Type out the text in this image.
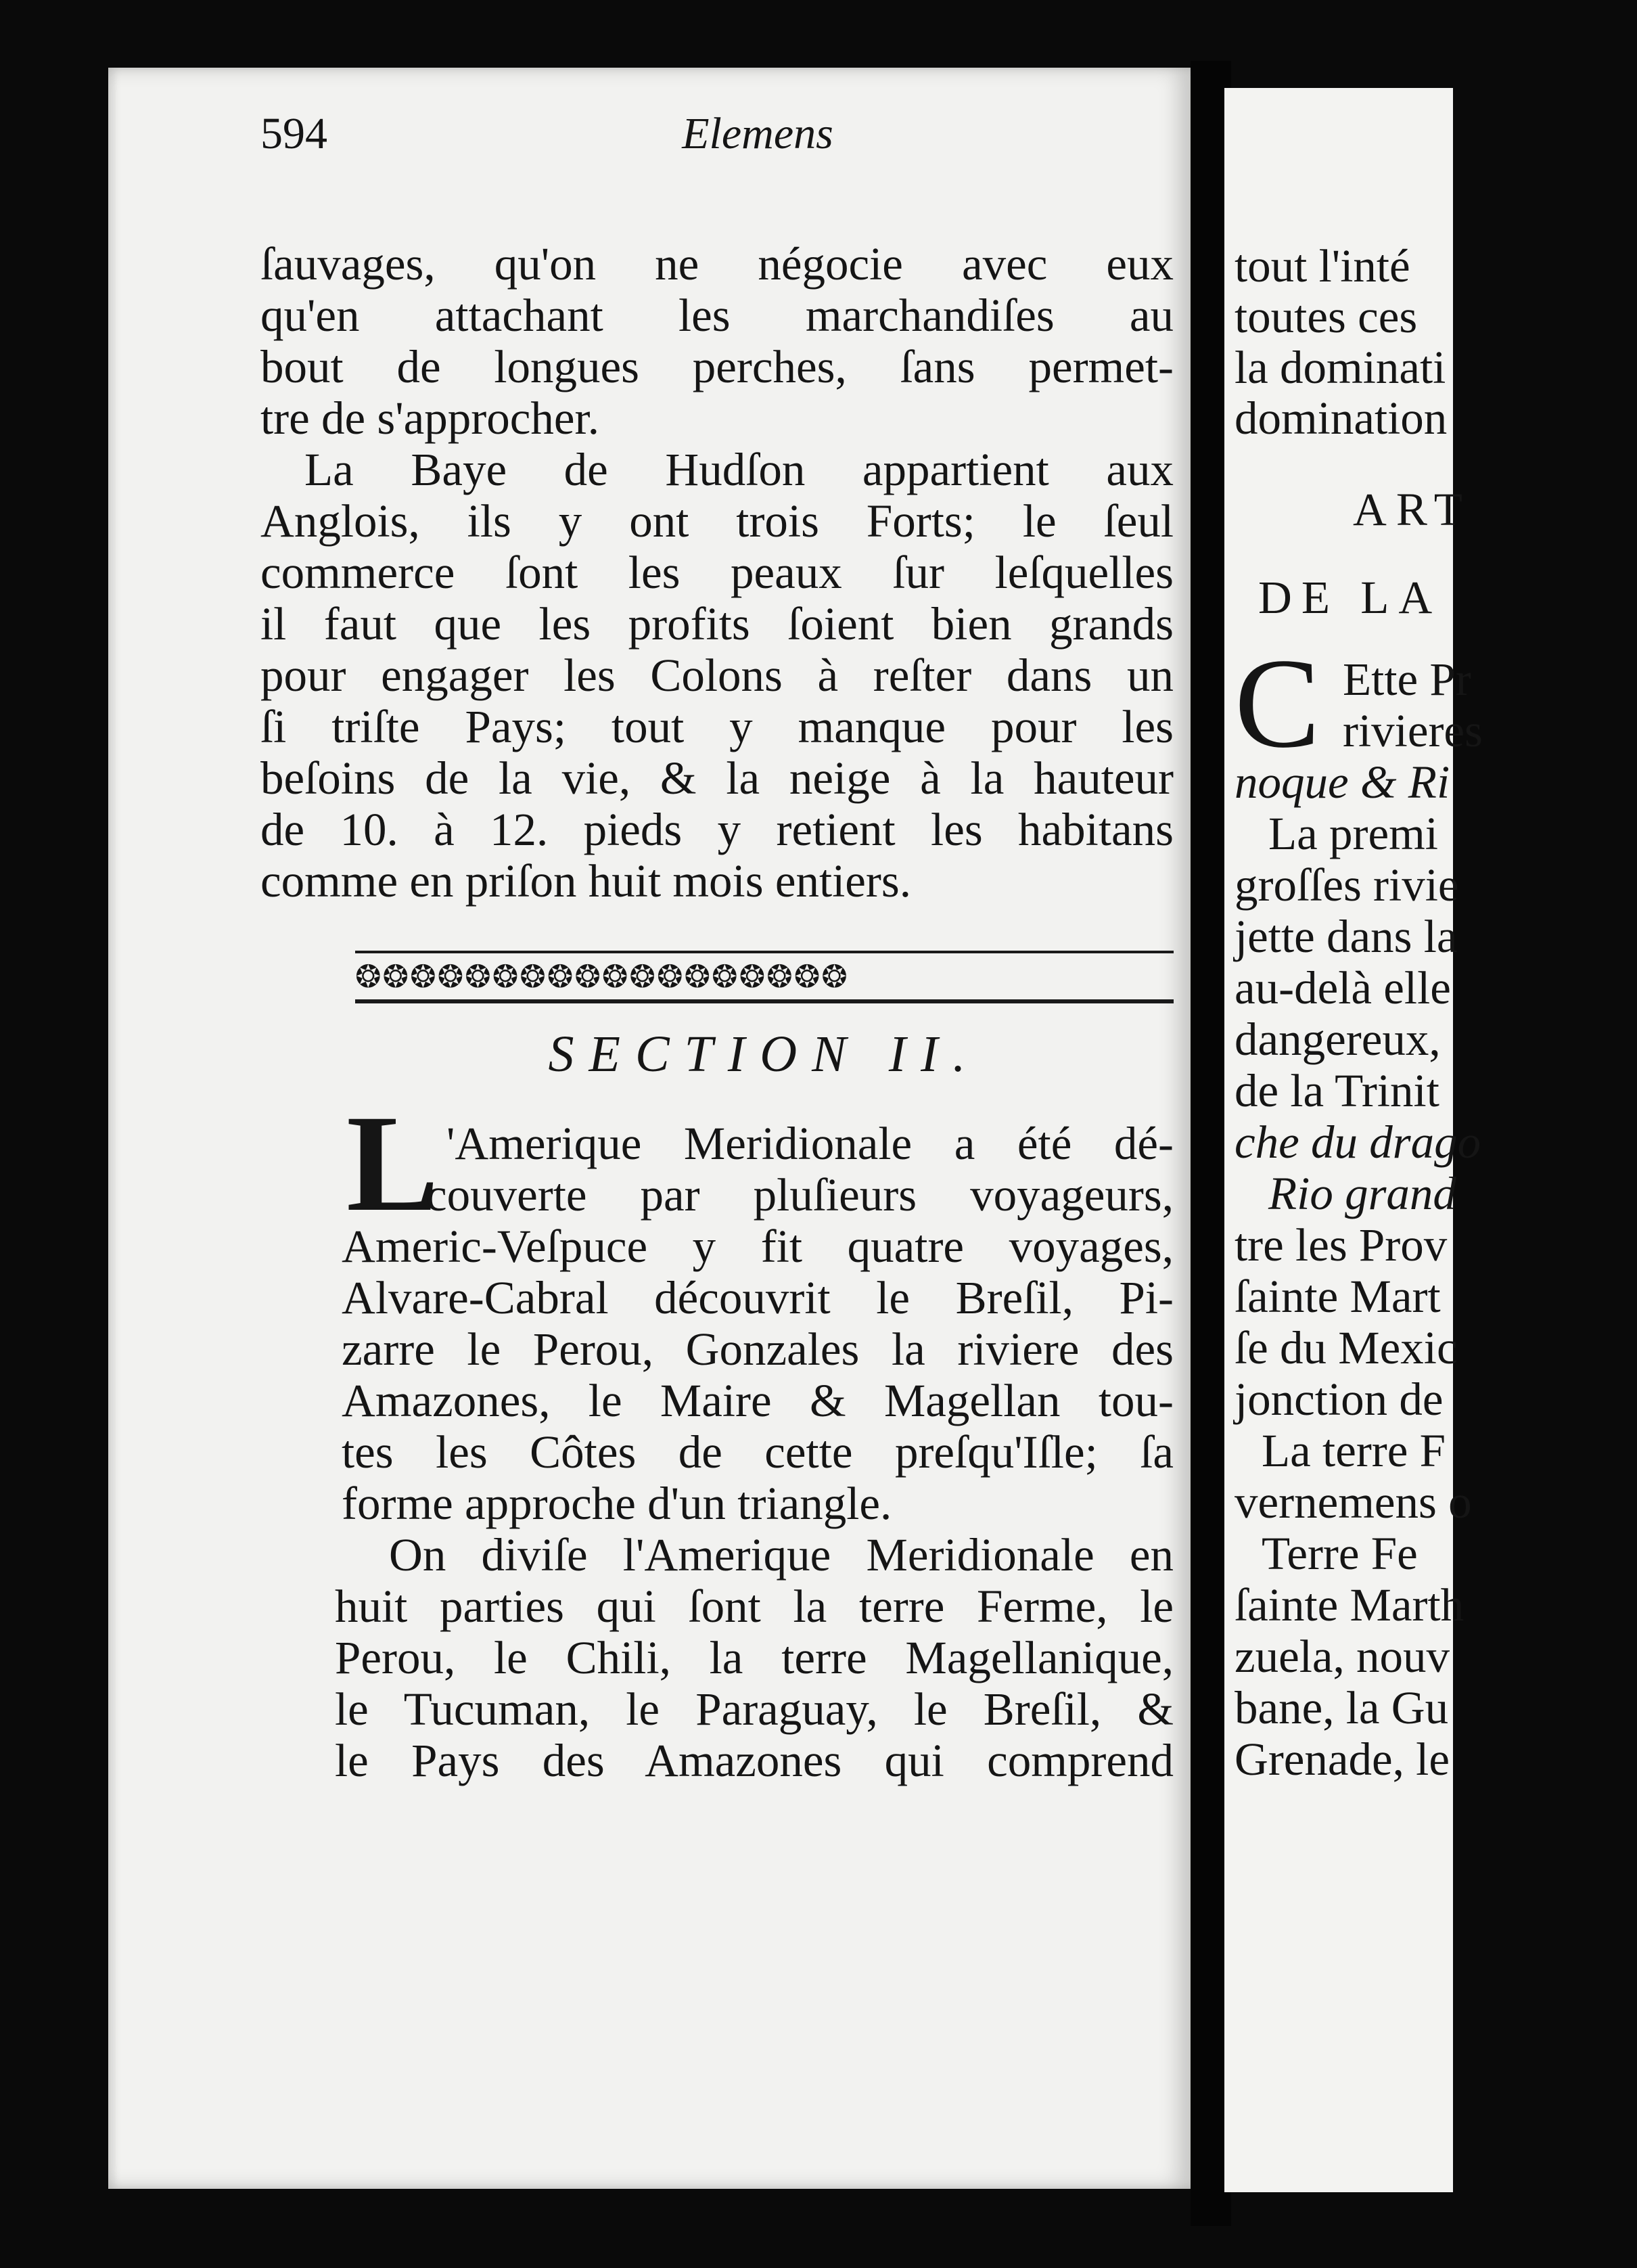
594	Elemens
ſauvages, qu'on ne négocie avec eux
qu'en attachant les marchandiſes au
bout de longues perches, ſans permet-
tre de s'approcher.
La Baye de Hudſon appartient aux
Anglois, ils y ont trois Forts; le ſeul
commerce ſont les peaux ſur leſquelles
il faut que les profits ſoient bien grands
pour engager les Colons à reſter dans un
ſi triſte Pays; tout y manque pour les
beſoins de la vie, & la neige à la hauteur
de 10. à 12. pieds y retient les habitans
comme en priſon huit mois entiers.
❂❂❂❂❂❂❂❂❂❂❂❂❂❂❂❂❂❂
SECTION II.
L 'Amerique Meridionale a été dé-
couverte par pluſieurs voyageurs,
Americ-Veſpuce y fit quatre voyages,
Alvare-Cabral découvrit le Breſil, Pi-
zarre le Perou, Gonzales la riviere des
Amazones, le Maire & Magellan tou-
tes les Côtes de cette preſqu'Iſle; ſa
forme approche d'un triangle.
On diviſe l'Amerique Meridionale en
huit parties qui ſont la terre Ferme, le
Perou, le Chili, la terre Magellanique,
le Tucuman, le Paraguay, le Breſil, &
le Pays des Amazones qui comprend
tout l'inté
toutes ces
la dominati
domination
ART
DE LA
C Ette Pr
rivieres
noque & Ri
La premi
groſſes rivie
jette dans la
au-delà elle
dangereux,
de la Trinit
che du drago
Rio grand
tre les Prov
ſainte Mart
ſe du Mexic
jonction de
La terre F
vernemens o
Terre Fe
ſainte Marth
zuela, nouv
bane, la Gu
Grenade, le
